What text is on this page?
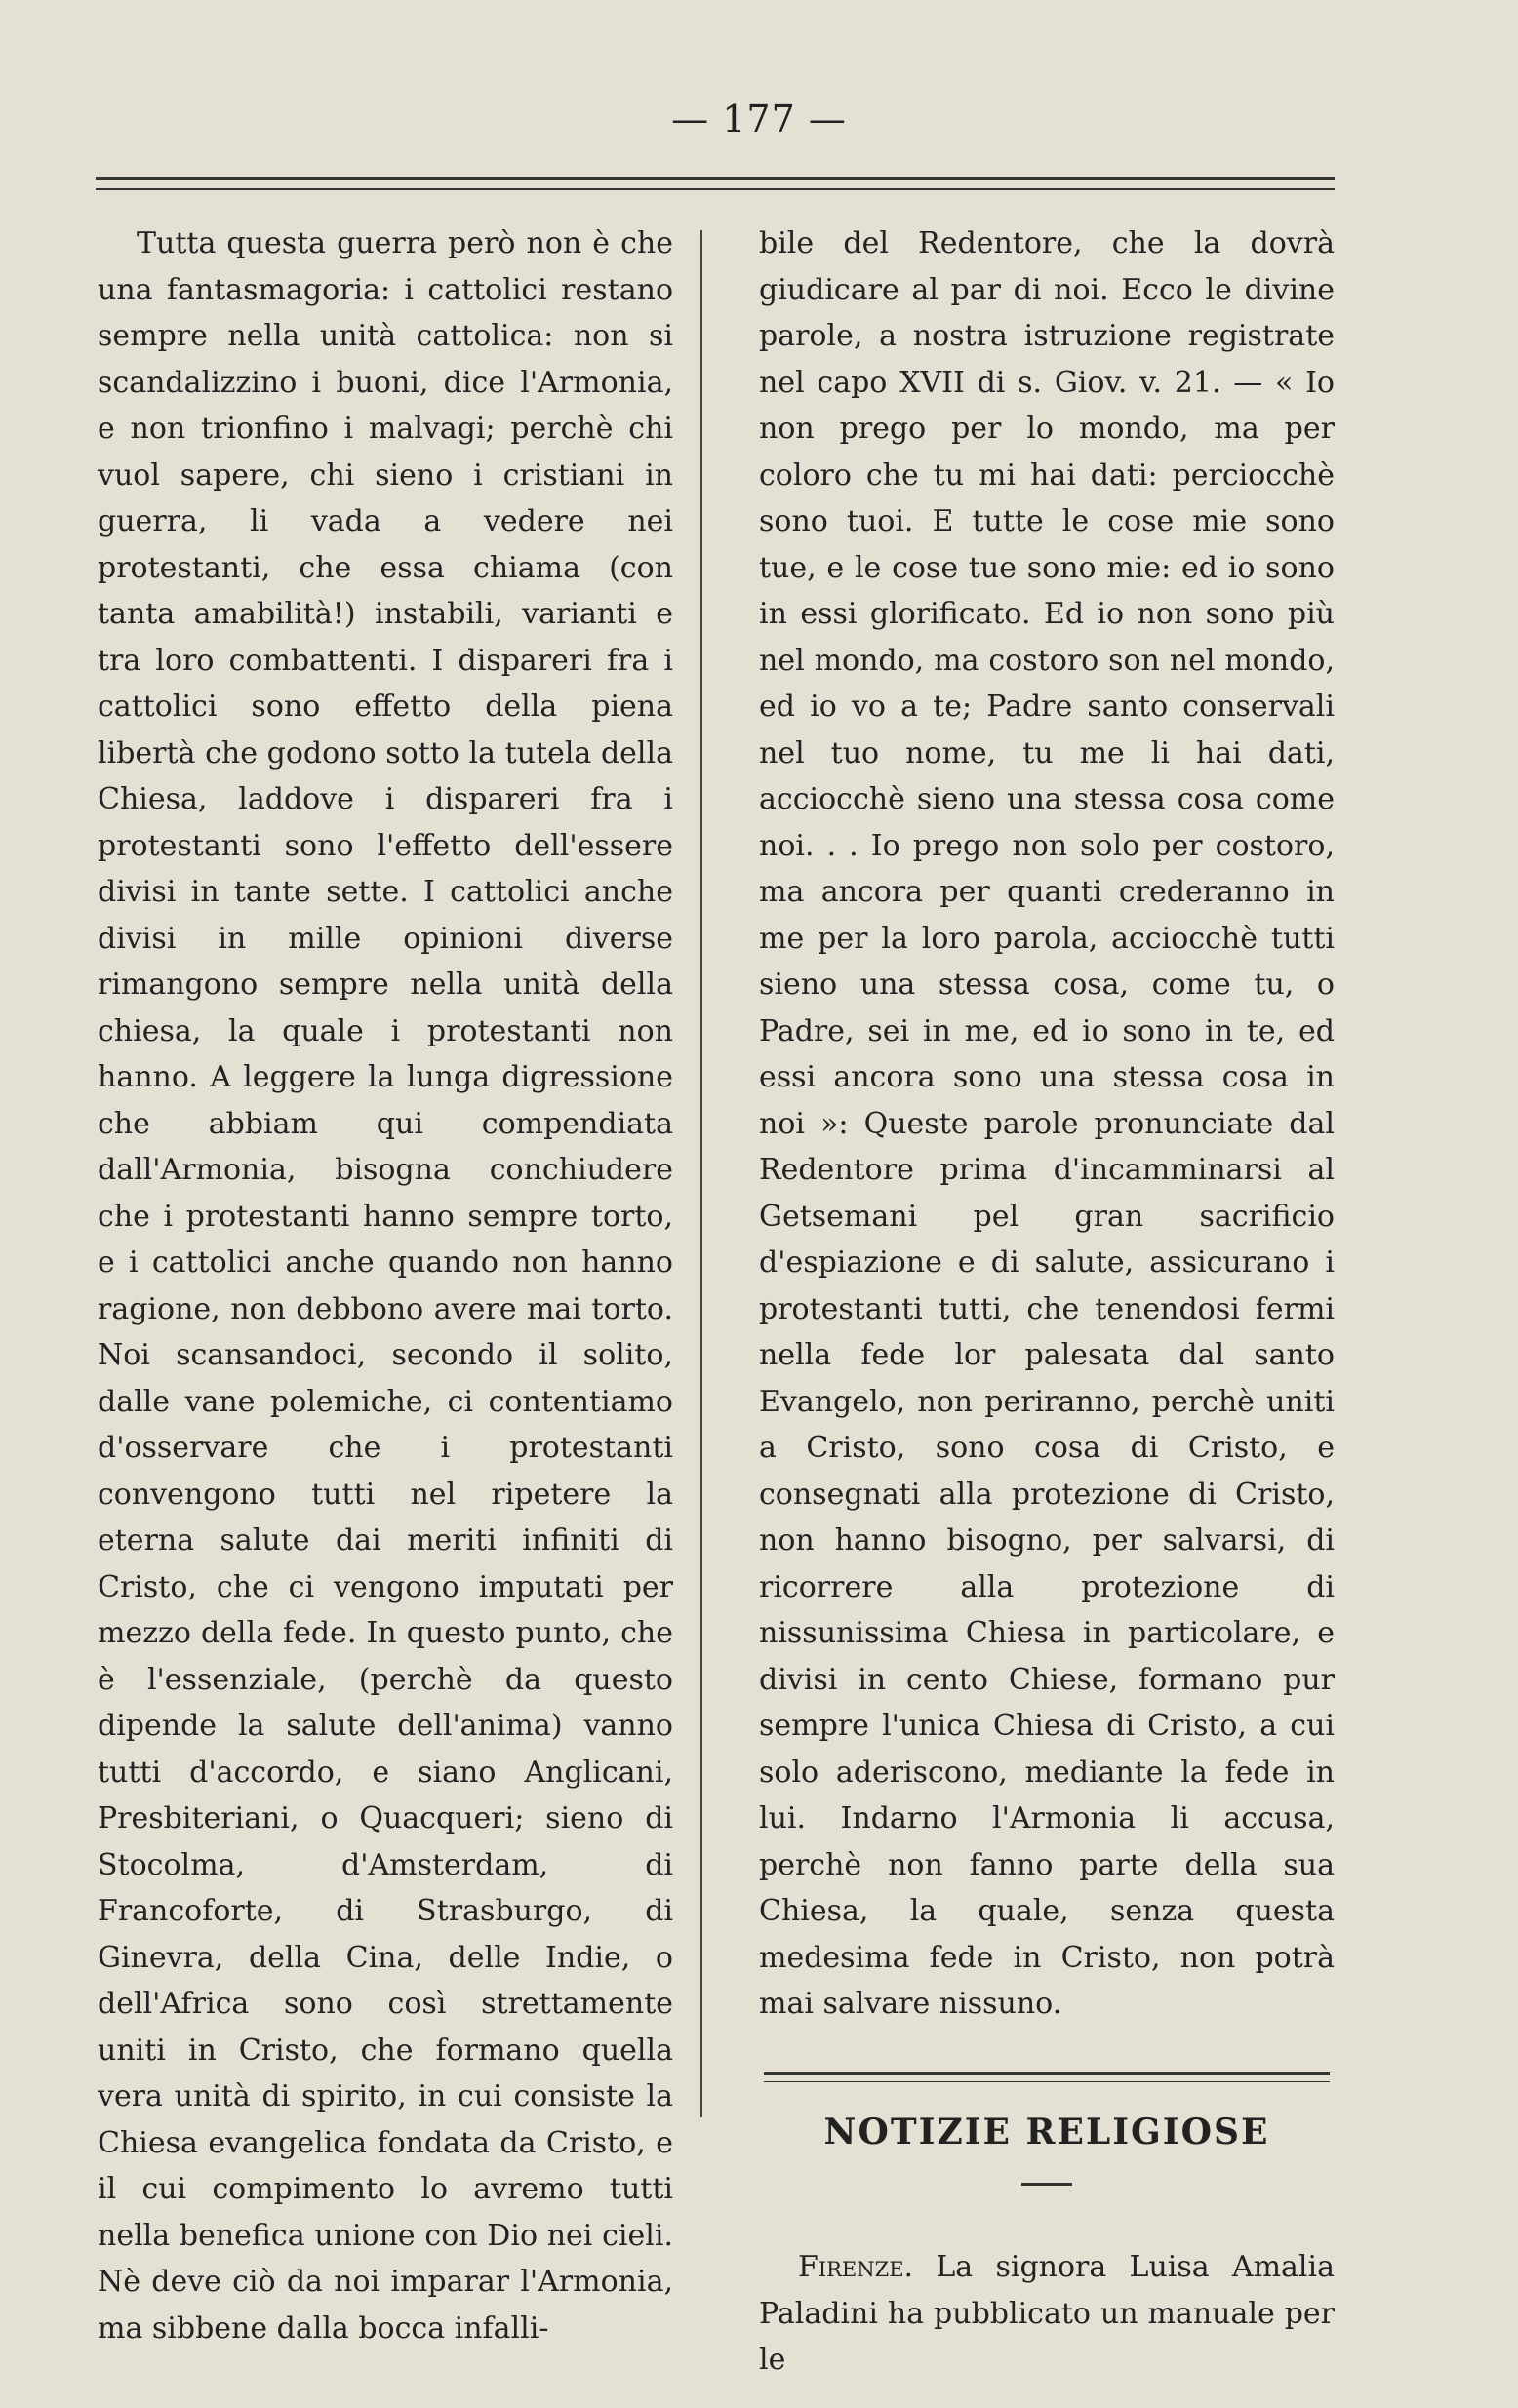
— 177 —

Tutta questa guerra però non è che una fantasmagoria: i cattolici restano sempre nella unità cattolica: non si scandalizzino i buoni, dice l'Armonia, e non trionfino i malvagi; perchè chi vuol sapere, chi sieno i cristiani in guerra, li vada a vedere nei protestanti, che essa chiama (con tanta amabilità!) instabili, varianti e tra loro combattenti. I dispareri fra i cattolici sono effetto della piena libertà che godono sotto la tutela della Chiesa, laddove i dispareri fra i protestanti sono l'effetto dell'essere divisi in tante sette. I cattolici anche divisi in mille opinioni diverse rimangono sempre nella unità della chiesa, la quale i protestanti non hanno. A leggere la lunga digressione che abbiam qui compendiata dall'Armonia, bisogna conchiudere che i protestanti hanno sempre torto, e i cattolici anche quando non hanno ragione, non debbono avere mai torto. Noi scansandoci, secondo il solito, dalle vane polemiche, ci contentiamo d'osservare che i protestanti convengono tutti nel ripetere la eterna salute dai meriti infiniti di Cristo, che ci vengono imputati per mezzo della fede. In questo punto, che è l'essenziale, (perchè da questo dipende la salute dell'anima) vanno tutti d'accordo, e siano Anglicani, Presbiteriani, o Quacqueri; sieno di Stocolma, d'Amsterdam, di Francoforte, di Strasburgo, di Ginevra, della Cina, delle Indie, o dell'Africa sono così strettamente uniti in Cristo, che formano quella vera unità di spirito, in cui consiste la Chiesa evangelica fondata da Cristo, e il cui compimento lo avremo tutti nella benefica unione con Dio nei cieli. Nè deve ciò da noi imparar l'Armonia, ma sibbene dalla bocca infalli-

bile del Redentore, che la dovrà giudicare al par di noi. Ecco le divine parole, a nostra istruzione registrate nel capo XVII di s. Giov. v. 21. — « Io non prego per lo mondo, ma per coloro che tu mi hai dati: perciocchè sono tuoi. E tutte le cose mie sono tue, e le cose tue sono mie: ed io sono in essi glorificato. Ed io non sono più nel mondo, ma costoro son nel mondo, ed io vo a te; Padre santo conservali nel tuo nome, tu me li hai dati, acciocchè sieno una stessa cosa come noi. . . Io prego non solo per costoro, ma ancora per quanti crederanno in me per la loro parola, acciocchè tutti sieno una stessa cosa, come tu, o Padre, sei in me, ed io sono in te, ed essi ancora sono una stessa cosa in noi »: Queste parole pronunciate dal Redentore prima d'incamminarsi al Getsemani pel gran sacrificio d'espiazione e di salute, assicurano i protestanti tutti, che tenendosi fermi nella fede lor palesata dal santo Evangelo, non periranno, perchè uniti a Cristo, sono cosa di Cristo, e consegnati alla protezione di Cristo, non hanno bisogno, per salvarsi, di ricorrere alla protezione di nissunissima Chiesa in particolare, e divisi in cento Chiese, formano pur sempre l'unica Chiesa di Cristo, a cui solo aderiscono, mediante la fede in lui. Indarno l'Armonia li accusa, perchè non fanno parte della sua Chiesa, la quale, senza questa medesima fede in Cristo, non potrà mai salvare nissuno.

NOTIZIE RELIGIOSE

Firenze. La signora Luisa Amalia Paladini ha pubblicato un manuale per le
